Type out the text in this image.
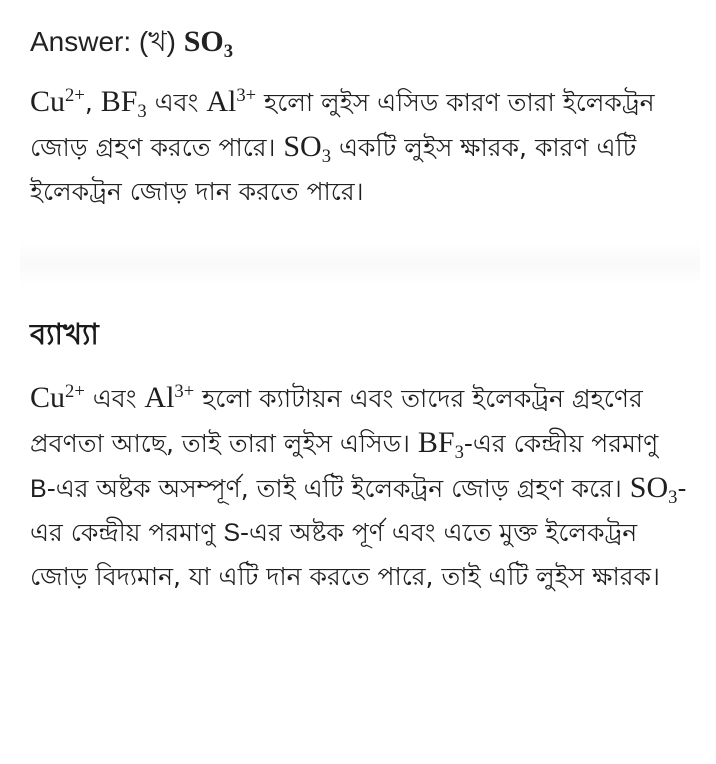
Answer: (খ) $SO_3$

$Cu^{2+}$, $BF_3$ এবং $Al^{3+}$ হলো লুইস এসিড কারণ তারা ইলেকট্রন জোড় গ্রহণ করতে পারে। $SO_3$ একটি লুইস ক্ষারক, কারণ এটি ইলেকট্রন জোড় দান করতে পারে।

ব্যাখ্যা

$Cu^{2+}$ এবং $Al^{3+}$ হলো ক্যাটায়ন এবং তাদের ইলেকট্রন গ্রহণের প্রবণতা আছে, তাই তারা লুইস এসিড। $BF_3-এর$ কেন্দ্রীয় পরমাণু B-এর অষ্টক অসম্পূর্ণ, তাই এটি ইলেকট্রন জোড় গ্রহণ করে। $SO_3-এর$ কেন্দ্রীয় পরমাণু S-এর অষ্টক পূর্ণ এবং এতে মুক্ত ইলেকট্রন জোড় বিদ্যমান, যা এটি দান করতে পারে, তাই এটি লুইস ক্ষারক।
